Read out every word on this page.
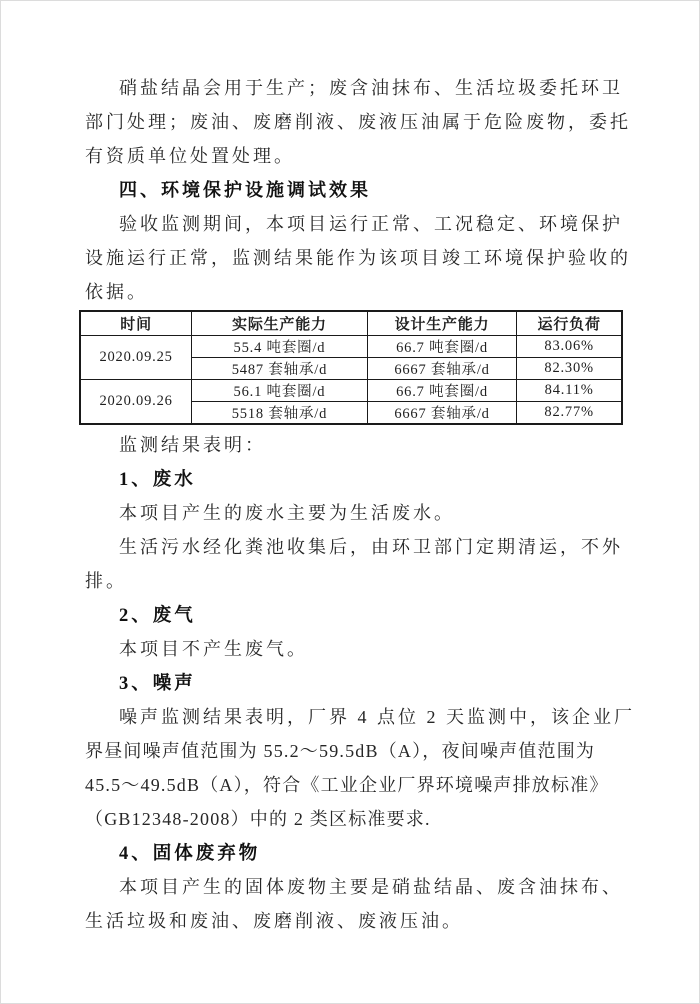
硝盐结晶会用于生产；废含油抹布、生活垃圾委托环卫
部门处理；废油、废磨削液、废液压油属于危险废物，委托
有资质单位处置处理。
四、环境保护设施调试效果
验收监测期间，本项目运行正常、工况稳定、环境保护
设施运行正常，监测结果能作为该项目竣工环境保护验收的
依据。
时间	实际生产能力	设计生产能力	运行负荷
2020.09.25	55.4 吨套圈/d	66.7 吨套圈/d	83.06%
	5487 套轴承/d	6667 套轴承/d	82.30%
2020.09.26	56.1 吨套圈/d	66.7 吨套圈/d	84.11%
	5518 套轴承/d	6667 套轴承/d	82.77%
监测结果表明：
1、废水
本项目产生的废水主要为生活废水。
生活污水经化粪池收集后，由环卫部门定期清运，不外
排。
2、废气
本项目不产生废气。
3、噪声
噪声监测结果表明，厂界 4 点位 2 天监测中，该企业厂
界昼间噪声值范围为 55.2～59.5dB（A），夜间噪声值范围为
45.5～49.5dB（A），符合《工业企业厂界环境噪声排放标准》
（GB12348-2008）中的 2 类区标准要求.
4、固体废弃物
本项目产生的固体废物主要是硝盐结晶、废含油抹布、
生活垃圾和废油、废磨削液、废液压油。
